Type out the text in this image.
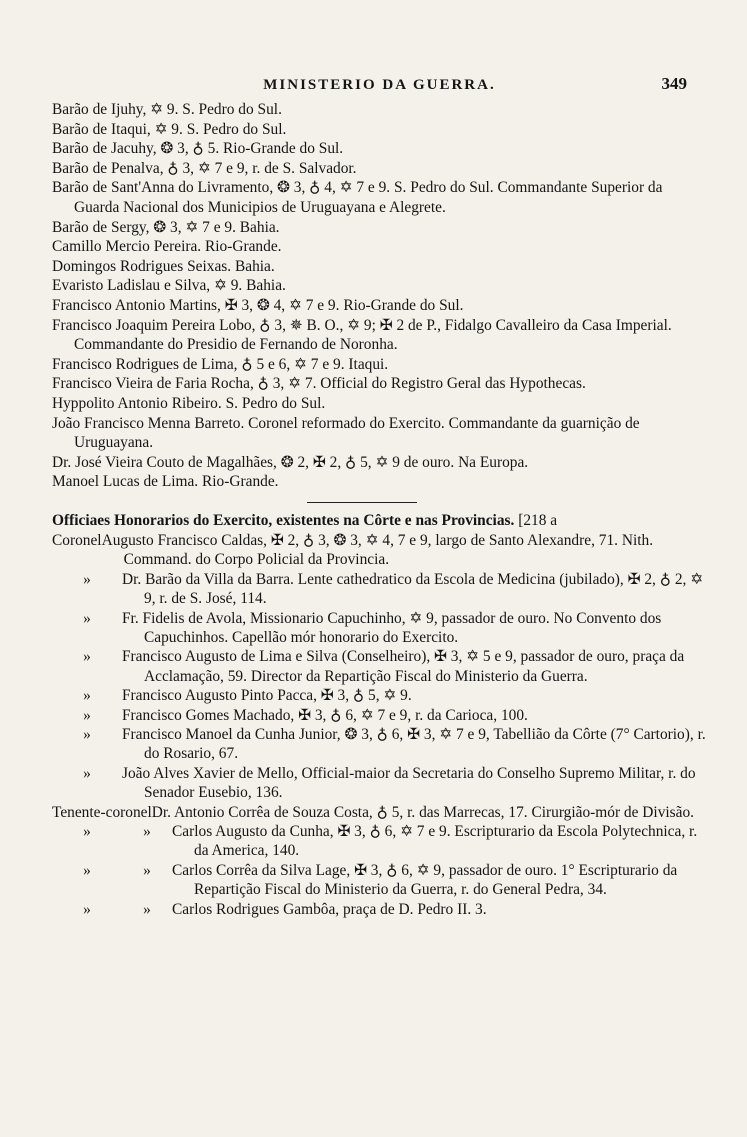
MINISTERIO DA GUERRA.	349
Barão de Ijuhy, ✡ 9. S. Pedro do Sul.
Barão de Itaqui, ✡ 9. S. Pedro do Sul.
Barão de Jacuhy, ❂ 3, ♁ 5. Rio-Grande do Sul.
Barão de Penalva, ♁ 3, ✡ 7 e 9, r. de S. Salvador.
Barão de Sant'Anna do Livramento, ❂ 3, ♁ 4, ✡ 7 e 9. S. Pedro do Sul. Commandante Superior da Guarda Nacional dos Municipios de Uruguayana e Alegrete.
Barão de Sergy, ❂ 3, ✡ 7 e 9. Bahia.
Camillo Mercio Pereira. Rio-Grande.
Domingos Rodrigues Seixas. Bahia.
Evaristo Ladislau e Silva, ✡ 9. Bahia.
Francisco Antonio Martins, ✠ 3, ❂ 4, ✡ 7 e 9. Rio-Grande do Sul.
Francisco Joaquim Pereira Lobo, ♁ 3, ✵ B. O., ✡ 9; ✠ 2 de P., Fidalgo Cavalleiro da Casa Imperial. Commandante do Presidio de Fernando de Noronha.
Francisco Rodrigues de Lima, ♁ 5 e 6, ✡ 7 e 9. Itaqui.
Francisco Vieira de Faria Rocha, ♁ 3, ✡ 7. Official do Registro Geral das Hypothecas.
Hyppolito Antonio Ribeiro. S. Pedro do Sul.
João Francisco Menna Barreto. Coronel reformado do Exercito. Commandante da guarnição de Uruguayana.
Dr. José Vieira Couto de Magalhães, ❂ 2, ✠ 2, ♁ 5, ✡ 9 de ouro. Na Europa.
Manoel Lucas de Lima. Rio-Grande.
Officiaes Honorarios do Exercito, existentes na Côrte e nas Provincias. [218 a
Coronel Augusto Francisco Caldas, ✠ 2, ♁ 3, ❂ 3, ✡ 4, 7 e 9, largo de Santo Alexandre, 71. Nith. Command. do Corpo Policial da Provincia.
»	Dr. Barão da Villa da Barra. Lente cathedratico da Escola de Medicina (jubilado), ✠ 2, ♁ 2, ✡ 9, r. de S. José, 114.
»	Fr. Fidelis de Avola, Missionario Capuchinho, ✡ 9, passador de ouro. No Convento dos Capuchinhos. Capellão mór honorario do Exercito.
»	Francisco Augusto de Lima e Silva (Conselheiro), ✠ 3, ✡ 5 e 9, passador de ouro, praça da Acclamação, 59. Director da Repartição Fiscal do Ministerio da Guerra.
»	Francisco Augusto Pinto Pacca, ✠ 3, ♁ 5, ✡ 9.
»	Francisco Gomes Machado, ✠ 3, ♁ 6, ✡ 7 e 9, r. da Carioca, 100.
»	Francisco Manoel da Cunha Junior, ❂ 3, ♁ 6, ✠ 3, ✡ 7 e 9, Tabellião da Côrte (7° Cartorio), r. do Rosario, 67.
»	João Alves Xavier de Mello, Official-maior da Secretaria do Conselho Supremo Militar, r. do Senador Eusebio, 136.
Tenente-coronel Dr. Antonio Corrêa de Souza Costa, ♁ 5, r. das Marrecas, 17. Cirurgião-mór de Divisão.
»	»	Carlos Augusto da Cunha, ✠ 3, ♁ 6, ✡ 7 e 9. Escripturario da Escola Polytechnica, r. da America, 140.
»	»	Carlos Corrêa da Silva Lage, ✠ 3, ♁ 6, ✡ 9, passador de ouro. 1° Escripturario da Repartição Fiscal do Ministerio da Guerra, r. do General Pedra, 34.
»	»	Carlos Rodrigues Gambôa, praça de D. Pedro II. 3.
